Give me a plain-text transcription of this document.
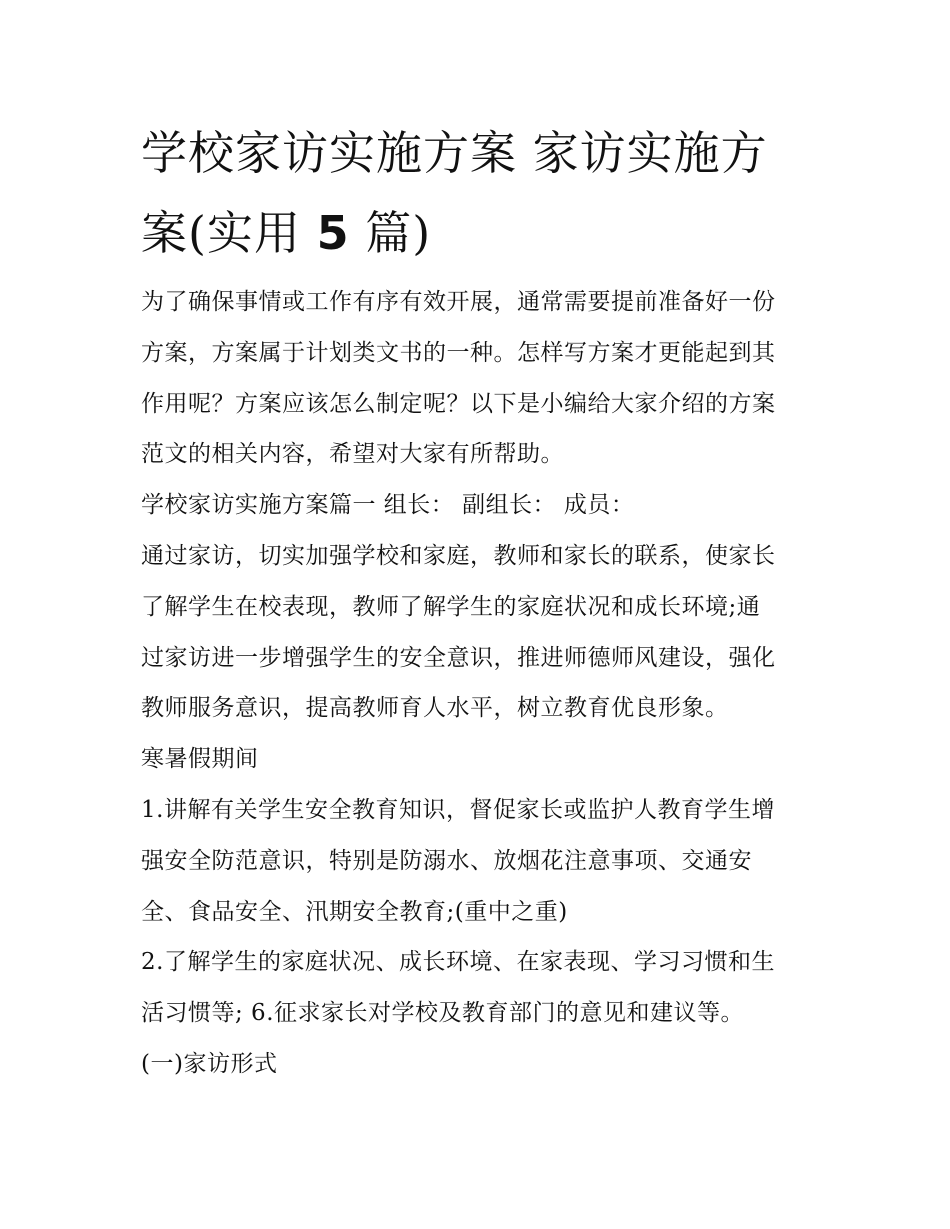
学校家访实施方案 家访实施方
案(实用 5 篇)
为了确保事情或工作有序有效开展，通常需要提前准备好一份
方案，方案属于计划类文书的一种。怎样写方案才更能起到其
作用呢？方案应该怎么制定呢？以下是小编给大家介绍的方案
范文的相关内容，希望对大家有所帮助。
学校家访实施方案篇一 组长： 副组长： 成员：
通过家访，切实加强学校和家庭，教师和家长的联系，使家长
了解学生在校表现，教师了解学生的家庭状况和成长环境;通
过家访进一步增强学生的安全意识，推进师德师风建设，强化
教师服务意识，提高教师育人水平，树立教育优良形象。
寒暑假期间
1.讲解有关学生安全教育知识，督促家长或监护人教育学生增
强安全防范意识，特别是防溺水、放烟花注意事项、交通安
全、食品安全、汛期安全教育;(重中之重)
2.了解学生的家庭状况、成长环境、在家表现、学习习惯和生
活习惯等; 6.征求家长对学校及教育部门的意见和建议等。
(一)家访形式
